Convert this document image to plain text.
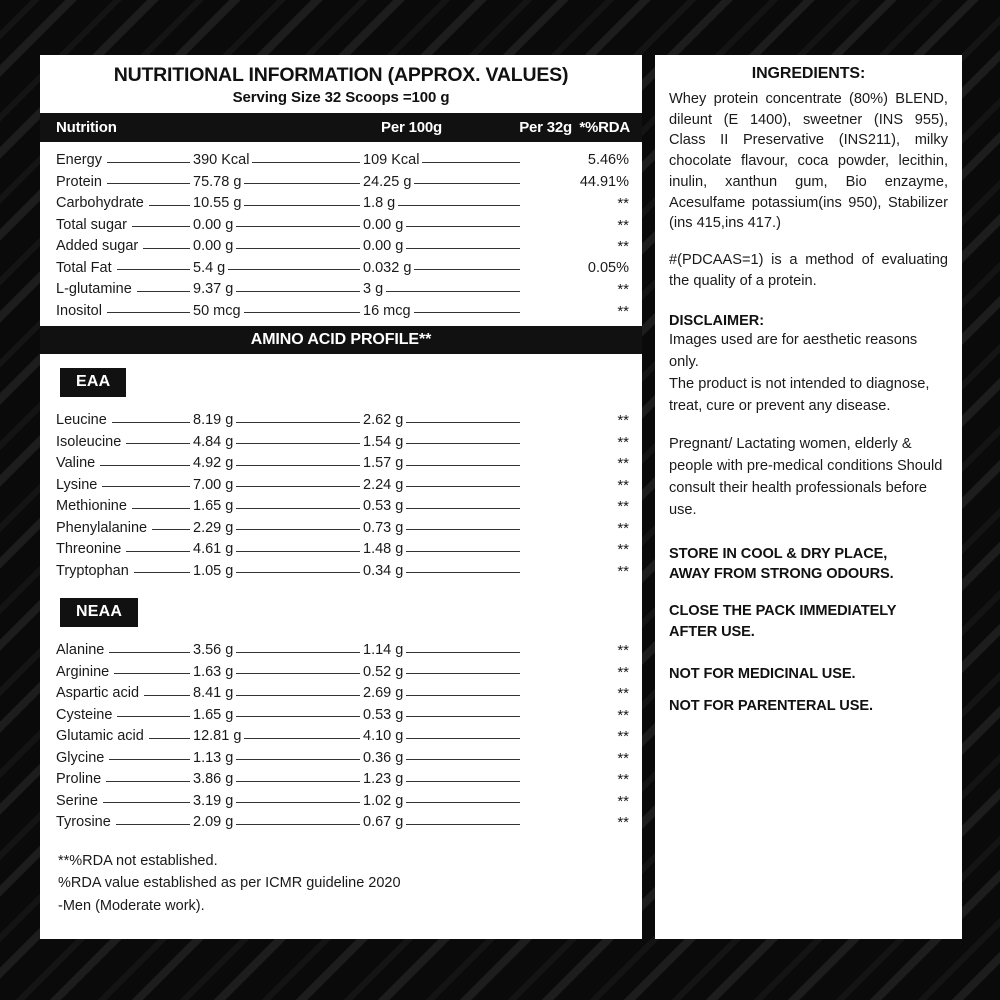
NUTRITIONAL INFORMATION (APPROX. VALUES)
Serving Size 32 Scoops =100 g
Nutrition	Per 100g	Per 32g *%RDA
Energy	390 Kcal	109 Kcal	5.46%
Protein	75.78 g	24.25 g	44.91%
Carbohydrate	10.55 g	1.8 g	**
Total sugar	0.00 g	0.00 g	**
Added sugar	0.00 g	0.00 g	**
Total Fat	5.4 g	0.032 g	0.05%
L-glutamine	9.37 g	3 g	**
Inositol	50 mcg	16 mcg	**
AMINO ACID PROFILE**
EAA
Leucine	8.19 g	2.62 g	**
Isoleucine	4.84 g	1.54 g	**
Valine	4.92 g	1.57 g	**
Lysine	7.00 g	2.24 g	**
Methionine	1.65 g	0.53 g	**
Phenylalanine	2.29 g	0.73 g	**
Threonine	4.61 g	1.48 g	**
Tryptophan	1.05 g	0.34 g	**
NEAA
Alanine	3.56 g	1.14 g	**
Arginine	1.63 g	0.52 g	**
Aspartic acid	8.41 g	2.69 g	**
Cysteine	1.65 g	0.53 g	**
Glutamic acid	12.81 g	4.10 g	**
Glycine	1.13 g	0.36 g	**
Proline	3.86 g	1.23 g	**
Serine	3.19 g	1.02 g	**
Tyrosine	2.09 g	0.67 g	**
**%RDA not established.
%RDA value established as per ICMR guideline 2020
-Men (Moderate work).
INGREDIENTS:
Whey protein concentrate (80%) BLEND, dileunt (E 1400), sweetner (INS 955), Class II Preservative (INS211), milky chocolate flavour, coca powder, lecithin, inulin, xanthun gum, Bio enzayme, Acesulfame potassium(ins 950), Stabilizer (ins 415,ins 417.)
#(PDCAAS=1) is a method of evaluating the quality of a protein.
DISCLAIMER:
Images used are for aesthetic reasons only.
The product is not intended to diagnose, treat, cure or prevent any disease.
Pregnant/ Lactating women, elderly & people with pre-medical conditions Should consult their health professionals before use.
STORE IN COOL & DRY PLACE,
AWAY FROM STRONG ODOURS.
CLOSE THE PACK IMMEDIATELY
AFTER USE.
NOT FOR MEDICINAL USE.
NOT FOR PARENTERAL USE.
